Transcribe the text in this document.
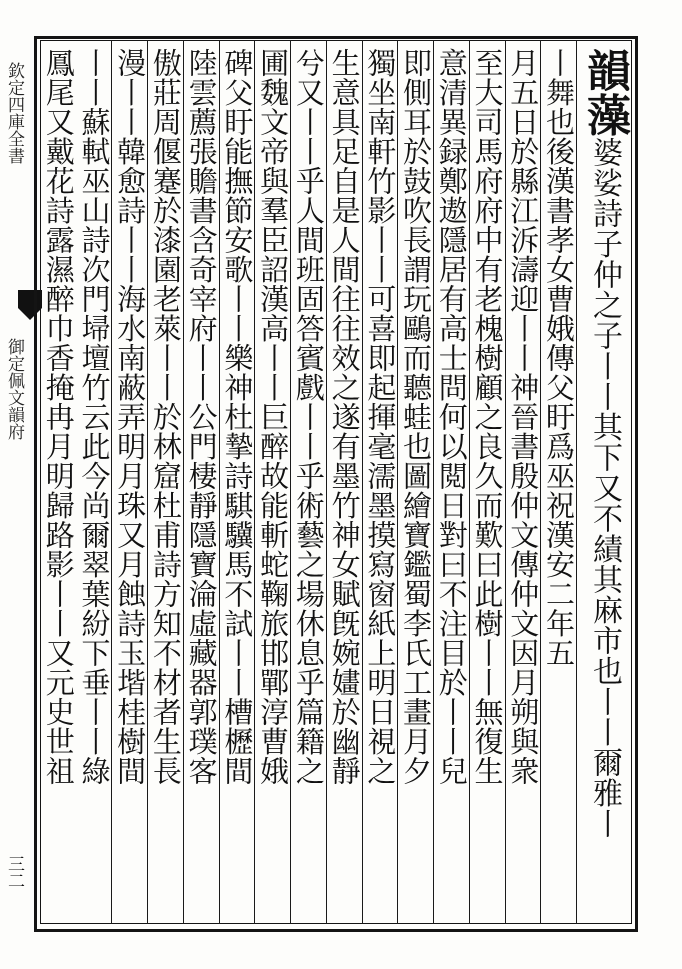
欽定四庫全書
御定佩文韻府
三二
韻藻婆娑詩子仲之子丨丨其下又不績其麻市也丨丨爾雅丨
丨舞也後漢書孝女曹娥傳父盱爲巫祝漢安二年五
月五日於縣江泝濤迎丨丨神晉書殷仲文傳仲文因月朔與衆
至大司馬府府中有老槐樹顧之良久而歎曰此樹丨丨無復生
意清異録鄭遨隱居有高士問何以閲日對曰不注目於丨丨兒
即側耳於鼓吹長謂玩鷗而聽蛙也圖繪寶鑑蜀李氏工畫月夕
獨坐南軒竹影丨丨可喜即起揮毫濡墨摸寫窗紙上明日視之
生意具足自是人間往往效之遂有墨竹神女賦旣婉嫿於幽靜
兮又丨丨乎人間班固答賓戲丨丨乎術藝之場休息乎篇籍之
圃魏文帝與羣臣詔漢高丨丨巨醉故能斬蛇鞠旅邯鄲淳曹娥
碑父盱能撫節安歌丨丨樂神杜摯詩騏驥馬不試丨丨槽櫪間
陸雲薦張贍書含奇宰府丨丨公門棲靜隱寶淪虛藏器郭璞客
傲莊周偃蹇於漆園老萊丨丨於林窟杜甫詩方知不材者生長
漫丨丨韓愈詩丨丨海水南蔽弄明月珠又月蝕詩玉堦桂樹間
丨丨蘇軾巫山詩次門埽壇竹云此今尚爾翠葉紛下垂丨丨綠
鳳尾又戴花詩露濕醉巾香掩冉月明歸路影丨丨又元史世祖
